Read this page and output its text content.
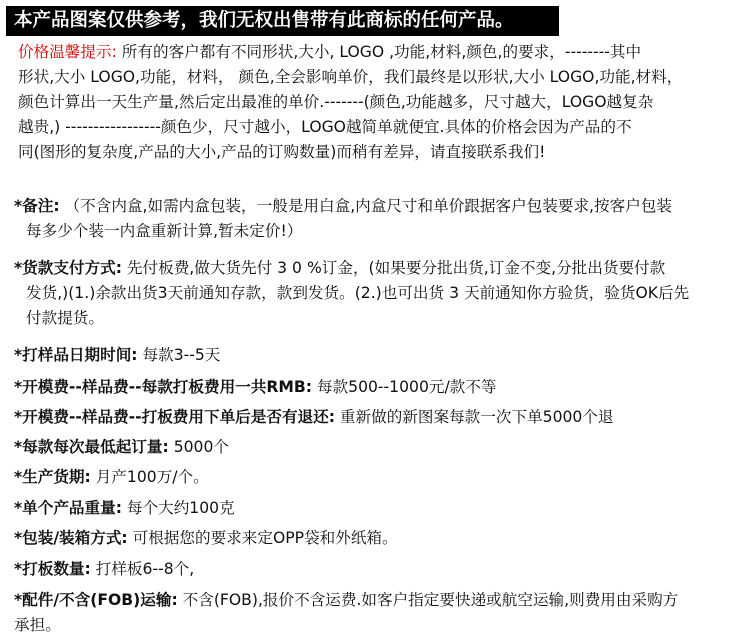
本产品图案仅供参考，我们无权出售带有此商标的任何产品。
价格温馨提示: 所有的客户都有不同形状,大小, LOGO ,功能,材料,颜色,的要求，--------其中
形状,大小 LOGO,功能，材料， 颜色,全会影响单价，我们最终是以形状,大小 LOGO,功能,材料，
颜色计算出一天生产量,然后定出最准的单价.-------(颜色,功能越多，尺寸越大，LOGO越复杂
越贵,) -----------------颜色少，尺寸越小，LOGO越简单就便宜.具体的价格会因为产品的不
同(图形的复杂度,产品的大小,产品的订购数量)而稍有差异，请直接联系我们!
*备注: （不含内盒,如需内盒包装，一般是用白盒,内盒尺寸和单价跟据客户包装要求,按客户包装
每多少个装一内盒重新计算,暂未定价!）
*货款支付方式: 先付板费,做大货先付 3 0 %订金，(如果要分批出货,订金不变,分批出货要付款
发货,)(1.)余款出货3天前通知存款，款到发货。(2.)也可出货 3 天前通知你方验货，验货OK后先
付款提货。
*打样品日期时间: 每款3--5天
*开模费--样品费--每款打板费用一共RMB: 每款500--1000元/款不等
*开模费--样品费--打板费用下单后是否有退还: 重新做的新图案每款一次下单5000个退
*每款每次最低起订量: 5000个
*生产货期: 月产100万/个。
*单个产品重量: 每个大约100克
*包装/装箱方式: 可根据您的要求来定OPP袋和外纸箱。
*打板数量: 打样板6--8个,
*配件/不含(FOB)运输: 不含(FOB),报价不含运费.如客户指定要快递或航空运输,则费用由采购方
承担。
